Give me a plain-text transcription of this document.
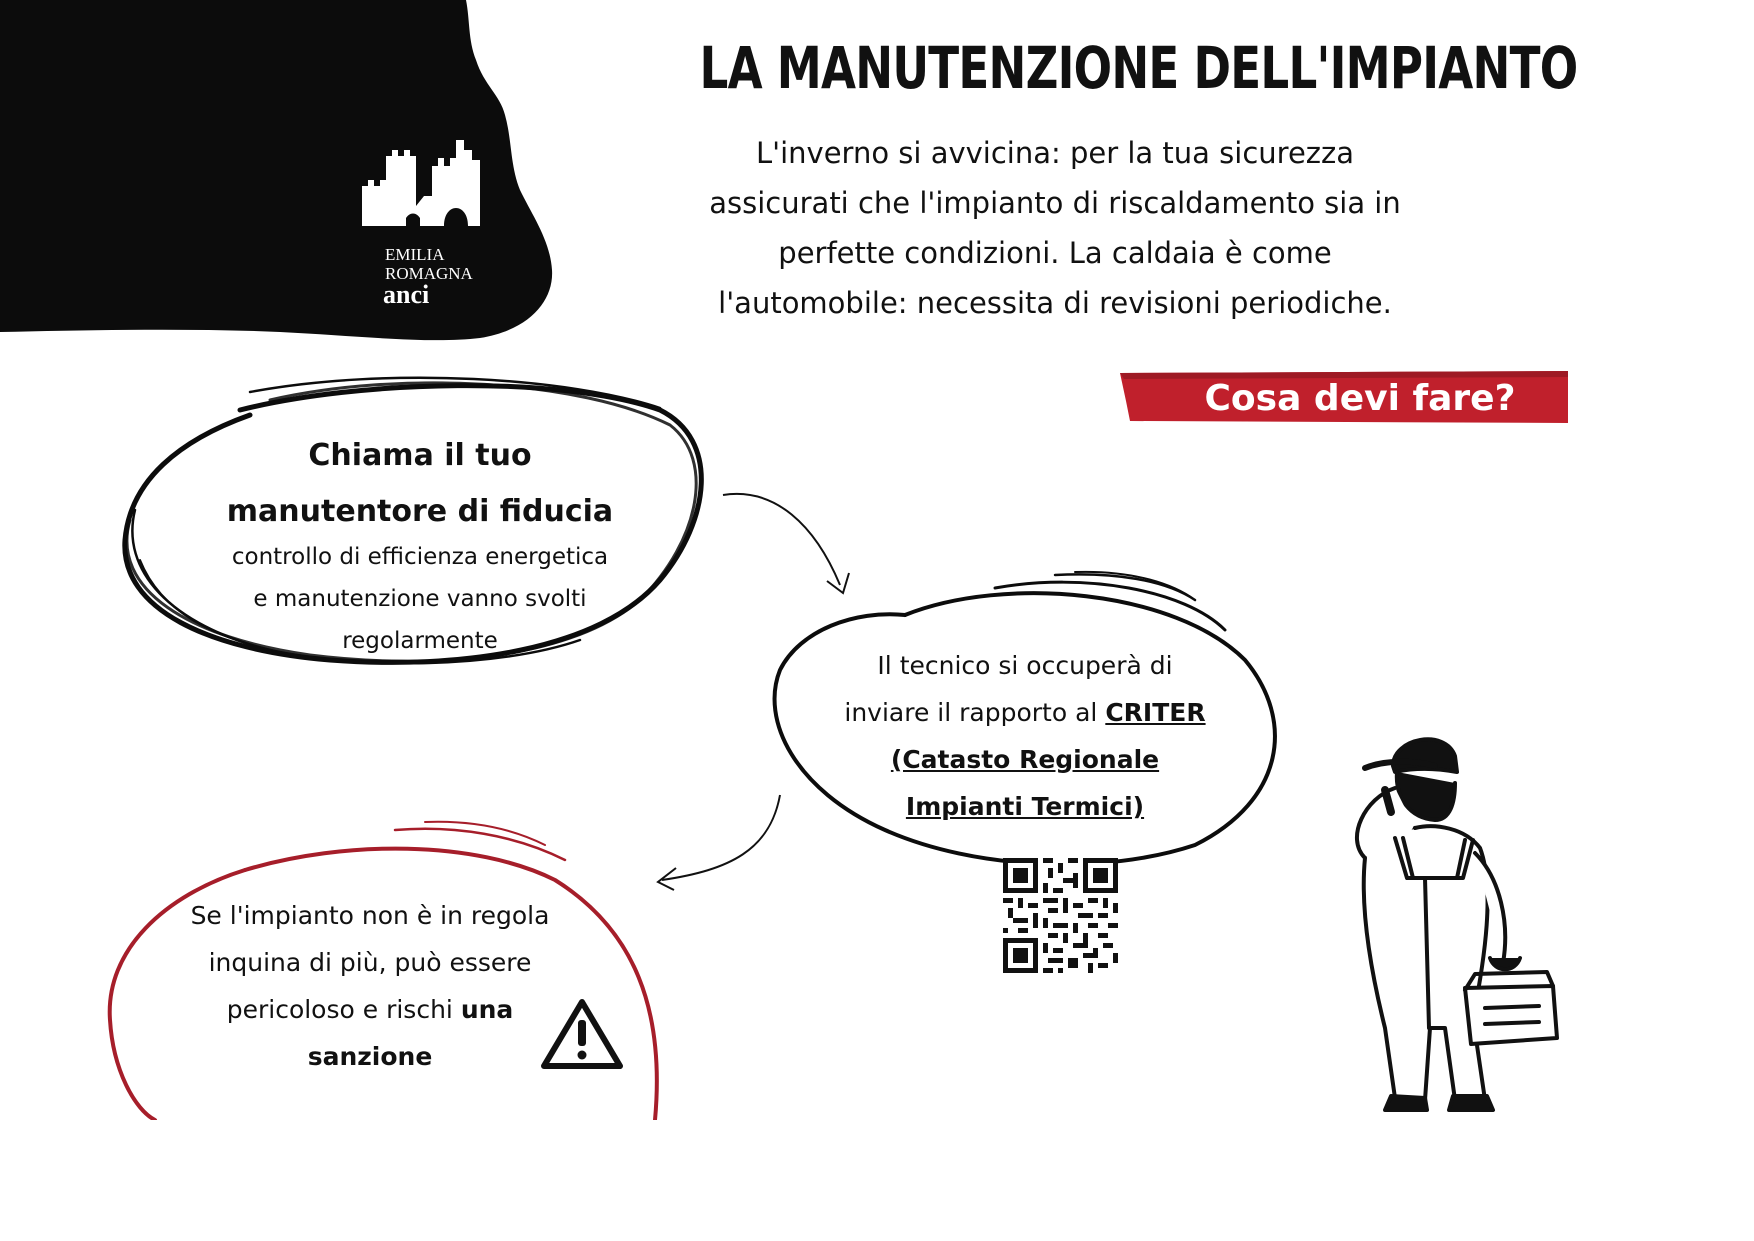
EMILIA
ROMAGNA
anci
LA MANUTENZIONE DELL'IMPIANTO
L'inverno si avvicina: per la tua sicurezza
assicurati che l'impianto di riscaldamento sia in
perfette condizioni. La caldaia è come
l'automobile: necessita di revisioni periodiche.
Cosa devi fare?
Chiama il tuo
manutentore di fiducia
controllo di efficienza energetica
e manutenzione vanno svolti
regolarmente
Il tecnico si occuperà di
inviare il rapporto al CRITER
(Catasto Regionale
Impianti Termici)
Se l'impianto non è in regola
inquina di più, può essere
pericoloso e rischi una
sanzione
